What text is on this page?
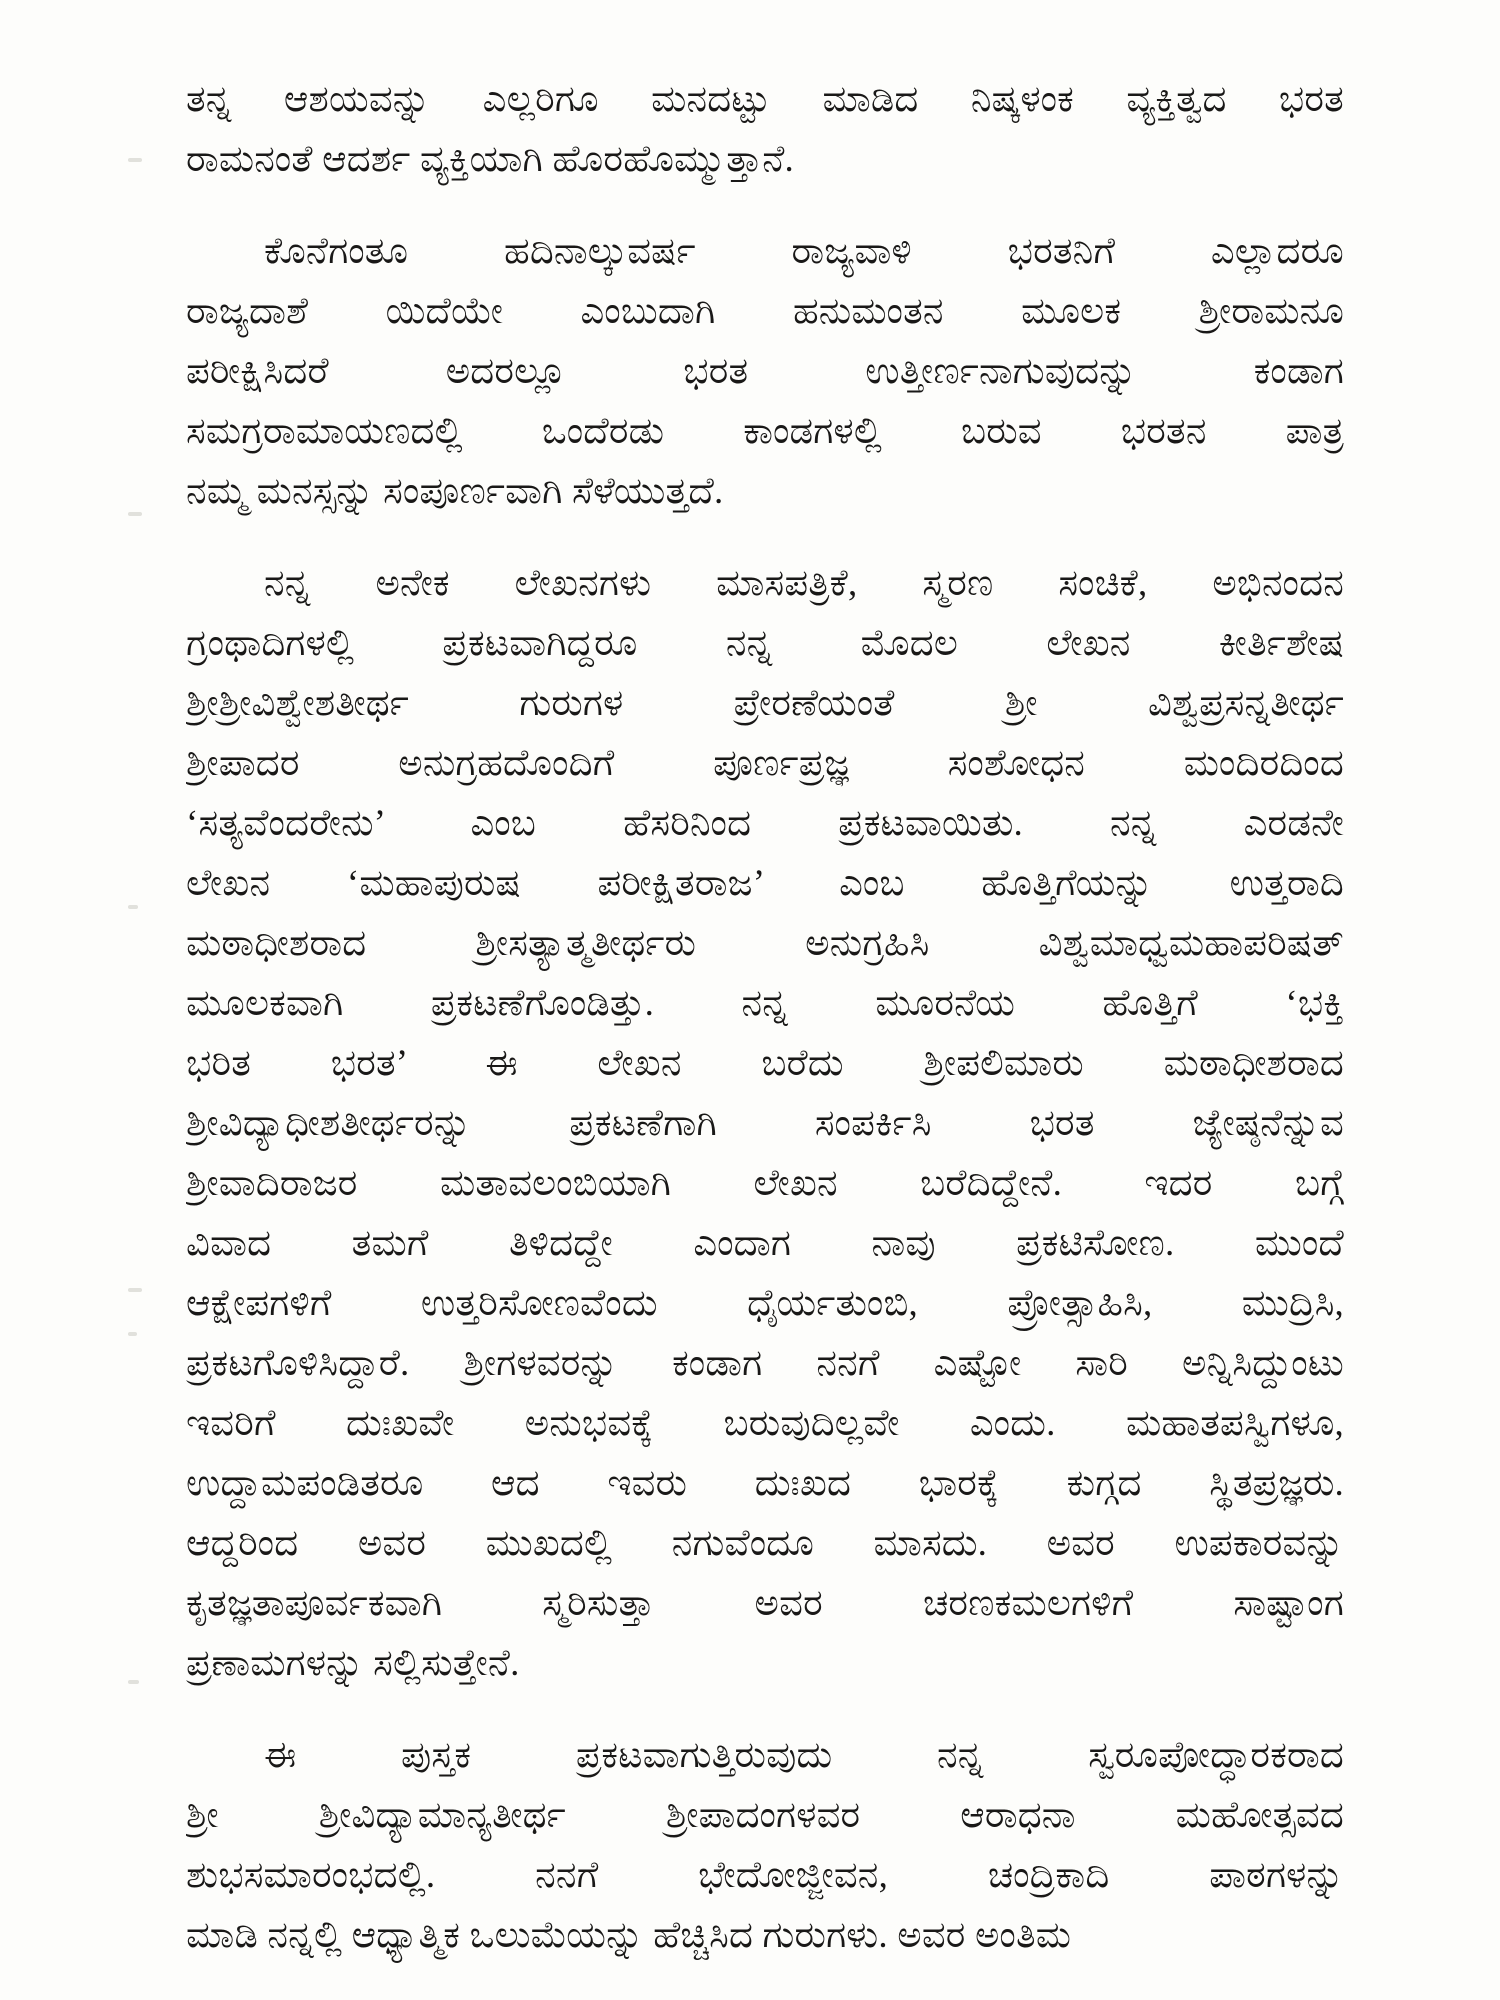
ತನ್ನ ಆಶಯವನ್ನು ಎಲ್ಲರಿಗೂ ಮನದಟ್ಟು ಮಾಡಿದ ನಿಷ್ಕಳಂಕ ವ್ಯಕ್ತಿತ್ವದ ಭರತ
ರಾಮನಂತೆ ಆದರ್ಶ ವ್ಯಕ್ತಿಯಾಗಿ ಹೊರಹೊಮ್ಮುತ್ತಾನೆ.
ಕೊನೆಗಂತೂ ಹದಿನಾಲ್ಕುವರ್ಷ ರಾಜ್ಯವಾಳಿ ಭರತನಿಗೆ ಎಲ್ಲಾದರೂ
ರಾಜ್ಯದಾಶೆ ಯಿದೆಯೇ ಎಂಬುದಾಗಿ ಹನುಮಂತನ ಮೂಲಕ ಶ್ರೀರಾಮನೂ
ಪರೀಕ್ಷಿಸಿದರೆ ಅದರಲ್ಲೂ ಭರತ ಉತ್ತೀರ್ಣನಾಗುವುದನ್ನು ಕಂಡಾಗ
ಸಮಗ್ರರಾಮಾಯಣದಲ್ಲಿ ಒಂದೆರಡು ಕಾಂಡಗಳಲ್ಲಿ ಬರುವ ಭರತನ ಪಾತ್ರ
ನಮ್ಮ ಮನಸ್ಸನ್ನು ಸಂಪೂರ್ಣವಾಗಿ ಸೆಳೆಯುತ್ತದೆ.
ನನ್ನ ಅನೇಕ ಲೇಖನಗಳು ಮಾಸಪತ್ರಿಕೆ, ಸ್ಮರಣ ಸಂಚಿಕೆ, ಅಭಿನಂದನ
ಗ್ರಂಥಾದಿಗಳಲ್ಲಿ ಪ್ರಕಟವಾಗಿದ್ದರೂ ನನ್ನ ಮೊದಲ ಲೇಖನ ಕೀರ್ತಿಶೇಷ
ಶ್ರೀಶ್ರೀವಿಶ್ವೇಶತೀರ್ಥ ಗುರುಗಳ ಪ್ರೇರಣೆಯಂತೆ ಶ್ರೀ ವಿಶ್ವಪ್ರಸನ್ನತೀರ್ಥ
ಶ್ರೀಪಾದರ ಅನುಗ್ರಹದೊಂದಿಗೆ ಪೂರ್ಣಪ್ರಜ್ಞ ಸಂಶೋಧನ ಮಂದಿರದಿಂದ
‘ಸತ್ಯವೆಂದರೇನು’ ಎಂಬ ಹೆಸರಿನಿಂದ ಪ್ರಕಟವಾಯಿತು. ನನ್ನ ಎರಡನೇ
ಲೇಖನ ‘ಮಹಾಪುರುಷ ಪರೀಕ್ಷಿತರಾಜ’ ಎಂಬ ಹೊತ್ತಿಗೆಯನ್ನು ಉತ್ತರಾದಿ
ಮಠಾಧೀಶರಾದ ಶ್ರೀಸತ್ಯಾತ್ಮತೀರ್ಥರು ಅನುಗ್ರಹಿಸಿ ವಿಶ್ವಮಾಧ್ವಮಹಾಪರಿಷತ್
ಮೂಲಕವಾಗಿ ಪ್ರಕಟಣೆಗೊಂಡಿತ್ತು. ನನ್ನ ಮೂರನೆಯ ಹೊತ್ತಿಗೆ ‘ಭಕ್ತಿ
ಭರಿತ ಭರತ’ ಈ ಲೇಖನ ಬರೆದು ಶ್ರೀಪಲಿಮಾರು ಮಠಾಧೀಶರಾದ
ಶ್ರೀವಿದ್ಯಾಧೀಶತೀರ್ಥರನ್ನು ಪ್ರಕಟಣೆಗಾಗಿ ಸಂಪರ್ಕಿಸಿ ಭರತ ಜ್ಯೇಷ್ಠನೆನ್ನುವ
ಶ್ರೀವಾದಿರಾಜರ ಮತಾವಲಂಬಿಯಾಗಿ ಲೇಖನ ಬರೆದಿದ್ದೇನೆ. ಇದರ ಬಗ್ಗೆ
ವಿವಾದ ತಮಗೆ ತಿಳಿದದ್ದೇ ಎಂದಾಗ ನಾವು ಪ್ರಕಟಿಸೋಣ. ಮುಂದೆ
ಆಕ್ಷೇಪಗಳಿಗೆ ಉತ್ತರಿಸೋಣವೆಂದು ಧೈರ್ಯತುಂಬಿ, ಪ್ರೋತ್ಸಾಹಿಸಿ, ಮುದ್ರಿಸಿ,
ಪ್ರಕಟಗೊಳಿಸಿದ್ದಾರೆ. ಶ್ರೀಗಳವರನ್ನು ಕಂಡಾಗ ನನಗೆ ಎಷ್ಟೋ ಸಾರಿ ಅನ್ನಿಸಿದ್ದುಂಟು
ಇವರಿಗೆ ದುಃಖವೇ ಅನುಭವಕ್ಕೆ ಬರುವುದಿಲ್ಲವೇ ಎಂದು. ಮಹಾತಪಸ್ವಿಗಳೂ,
ಉದ್ದಾಮಪಂಡಿತರೂ ಆದ ಇವರು ದುಃಖದ ಭಾರಕ್ಕೆ ಕುಗ್ಗದ ಸ್ಥಿತಪ್ರಜ್ಞರು.
ಆದ್ದರಿಂದ ಅವರ ಮುಖದಲ್ಲಿ ನಗುವೆಂದೂ ಮಾಸದು. ಅವರ ಉಪಕಾರವನ್ನು
ಕೃತಜ್ಞತಾಪೂರ್ವಕವಾಗಿ ಸ್ಮರಿಸುತ್ತಾ ಅವರ ಚರಣಕಮಲಗಳಿಗೆ ಸಾಷ್ಟಾಂಗ
ಪ್ರಣಾಮಗಳನ್ನು ಸಲ್ಲಿಸುತ್ತೇನೆ.
ಈ ಪುಸ್ತಕ ಪ್ರಕಟವಾಗುತ್ತಿರುವುದು ನನ್ನ ಸ್ವರೂಪೋದ್ಧಾರಕರಾದ
ಶ್ರೀ ಶ್ರೀವಿದ್ಯಾಮಾನ್ಯತೀರ್ಥ ಶ್ರೀಪಾದಂಗಳವರ ಆರಾಧನಾ ಮಹೋತ್ಸವದ
ಶುಭಸಮಾರಂಭದಲ್ಲಿ. ನನಗೆ ಭೇದೋಜ್ಜೀವನ, ಚಂದ್ರಿಕಾದಿ ಪಾಠಗಳನ್ನು
ಮಾಡಿ ನನ್ನಲ್ಲಿ ಆಧ್ಯಾತ್ಮಿಕ ಒಲುಮೆಯನ್ನು ಹೆಚ್ಚಿಸಿದ ಗುರುಗಳು. ಅವರ ಅಂತಿಮ
